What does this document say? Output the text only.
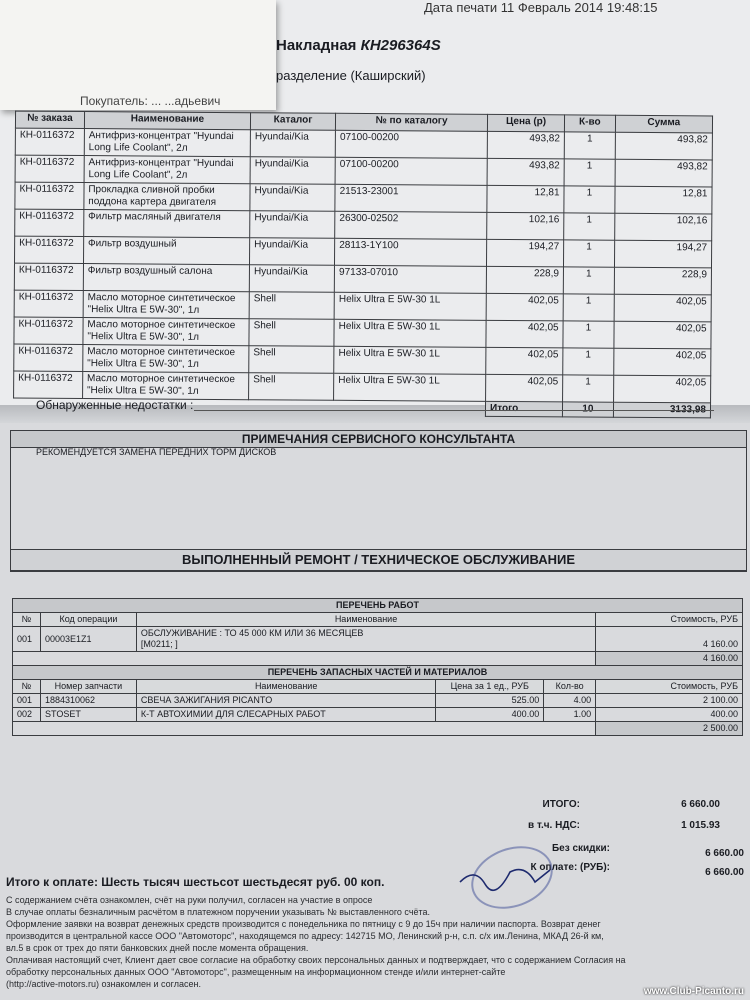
Дата печати 11 Февраль 2014 19:48:15
Накладная КН296364S
разделение (Каширский)
Покупатель: ... ...адьевич
№ заказа	Наименование	Каталог	№ по каталогу	Цена (р)	К-во	Сумма
КН-0116372	Антифриз-концентрат "Hyundai Long Life Coolant", 2л	Hyundai/Kia	07100-00200	493,82	1	493,82
КН-0116372	Антифриз-концентрат "Hyundai Long Life Coolant", 2л	Hyundai/Kia	07100-00200	493,82	1	493,82
КН-0116372	Прокладка сливной пробки поддона картера двигателя	Hyundai/Kia	21513-23001	12,81	1	12,81
КН-0116372	Фильтр масляный двигателя	Hyundai/Kia	26300-02502	102,16	1	102,16
КН-0116372	Фильтр воздушный	Hyundai/Kia	28113-1Y100	194,27	1	194,27
КН-0116372	Фильтр воздушный салона	Hyundai/Kia	97133-07010	228,9	1	228,9
КН-0116372	Масло моторное синтетическое "Helix Ultra E 5W-30", 1л	Shell	Helix Ultra E 5W-30 1L	402,05	1	402,05
КН-0116372	Масло моторное синтетическое "Helix Ultra E 5W-30", 1л	Shell	Helix Ultra E 5W-30 1L	402,05	1	402,05
КН-0116372	Масло моторное синтетическое "Helix Ultra E 5W-30", 1л	Shell	Helix Ultra E 5W-30 1L	402,05	1	402,05
КН-0116372	Масло моторное синтетическое "Helix Ultra E 5W-30", 1л	Shell	Helix Ultra E 5W-30 1L	402,05	1	402,05
				Итого	10	3133,98
Обнаруженные недостатки :
ПРИМЕЧАНИЯ СЕРВИСНОГО КОНСУЛЬТАНТА
РЕКОМЕНДУЕТСЯ ЗАМЕНА ПЕРЕДНИХ ТОРМ ДИСКОВ
ВЫПОЛНЕННЫЙ РЕМОНТ / ТЕХНИЧЕСКОЕ ОБСЛУЖИВАНИЕ
ПЕРЕЧЕНЬ РАБОТ					
№	Код операции	Наименование			Стоимость, РУБ
001	00003E1Z1	ОБСЛУЖИВАНИЕ : ТО 45 000 КМ ИЛИ 36 МЕСЯЦЕВ
[M0211; ]			4 160.00
					4 160.00
ПЕРЕЧЕНЬ ЗАПАСНЫХ ЧАСТЕЙ И МАТЕРИАЛОВ					
№	Номер запчасти	Наименование	Цена за 1 ед., РУБ	Кол-во	Стоимость, РУБ
001	1884310062	СВЕЧА ЗАЖИГАНИЯ PICANTO	525.00	4.00	2 100.00
002	STOSET	К-Т АВТОХИМИИ ДЛЯ СЛЕСАРНЫХ РАБОТ	400.00	1.00	400.00
					2 500.00
ИТОГО:	6 660.00
в т.ч. НДС:	1 015.93
Без скидки:	6 660.00
К оплате: (РУБ):	6 660.00
Итого к оплате: Шесть тысяч шестьсот шестьдесят руб. 00 коп.
С содержанием счёта ознакомлен, счёт на руки получил, согласен на участие в опросе
В случае оплаты безналичным расчётом в платежном поручении указывать № выставленного счёта.
Оформление заявки на возврат денежных средств производится с понедельника по пятницу с 9 до 15ч при наличии паспорта. Возврат денег
производится в центральной кассе ООО "Автомоторс", находящемся по адресу: 142715 МО, Ленинский р-н, с.п. с/х им.Ленина, МКАД 26-й км,
вл.5 в срок от трех до пяти банковских дней после момента обращения.
Оплачивая настоящий счет, Клиент дает свое согласие на обработку своих персональных данных и подтверждает, что с содержанием Согласия на
обработку персональных данных ООО "Автомоторс", размещенным на информационном стенде и/или интернет-сайте
(http://active-motors.ru) ознакомлен и согласен.
www.Club-Picanto.ru
